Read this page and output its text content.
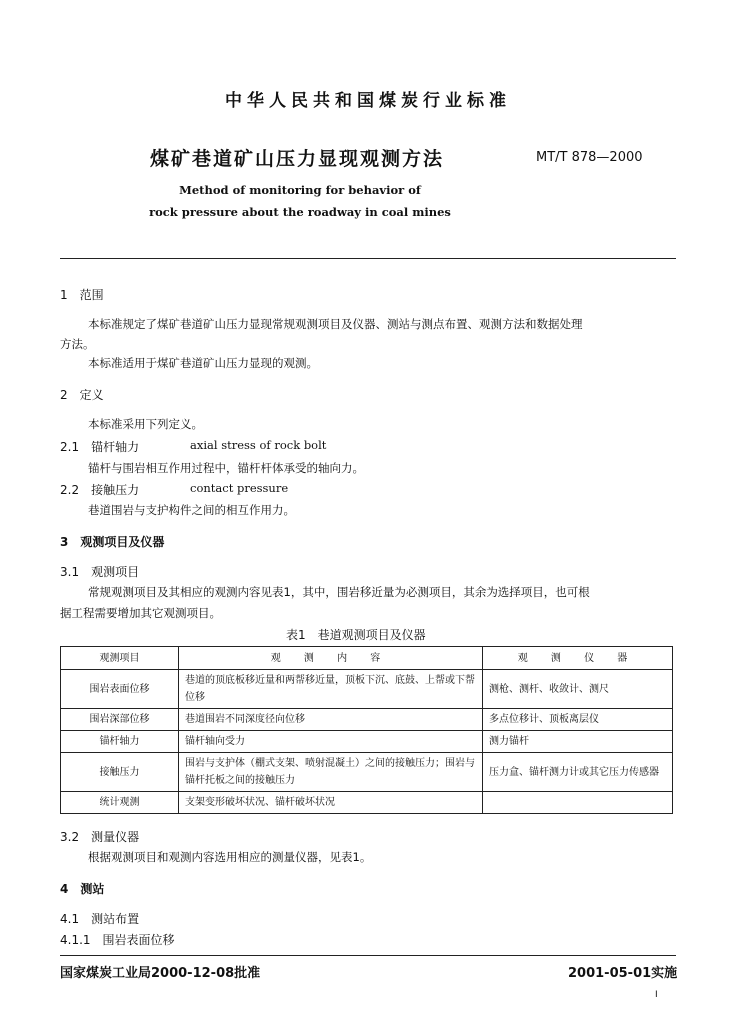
中华人民共和国煤炭行业标准
煤矿巷道矿山压力显现观测方法	MT/T 878—2000
Method of monitoring for behavior of
rock pressure about the roadway in coal mines
1　范围
本标准规定了煤矿巷道矿山压力显现常规观测项目及仪器、测站与测点布置、观测方法和数据处理
方法。
本标准适用于煤矿巷道矿山压力显现的观测。
2　定义
本标准采用下列定义。
2.1　锚杆轴力	axial stress of rock bolt
锚杆与围岩相互作用过程中，锚杆杆体承受的轴向力。
2.2　接触压力	contact pressure
巷道围岩与支护构件之间的相互作用力。
3　观测项目及仪器
3.1　观测项目
常规观测项目及其相应的观测内容见表1，其中，围岩移近量为必测项目，其余为选择项目，也可根
据工程需要增加其它观测项目。
表1　巷道观测项目及仪器
观测项目	观 测 内 容	观 测 仪 器
围岩表面位移	巷道的顶底板移近量和两帮移近量，顶板下沉、底鼓、上帮或下帮位移	测枪、测杆、收敛计、测尺
围岩深部位移	巷道围岩不同深度径向位移	多点位移计、顶板离层仪
锚杆轴力	锚杆轴向受力	测力锚杆
接触压力	围岩与支护体（棚式支架、喷射混凝土）之间的接触压力；围岩与锚杆托板之间的接触压力	压力盒、锚杆测力计或其它压力传感器
统计观测	支架变形破坏状况、锚杆破坏状况	
3.2　测量仪器
根据观测项目和观测内容选用相应的测量仪器，见表1。
4　测站
4.1　测站布置
4.1.1　围岩表面位移
国家煤炭工业局2000-12-08批准	2001-05-01实施
I
